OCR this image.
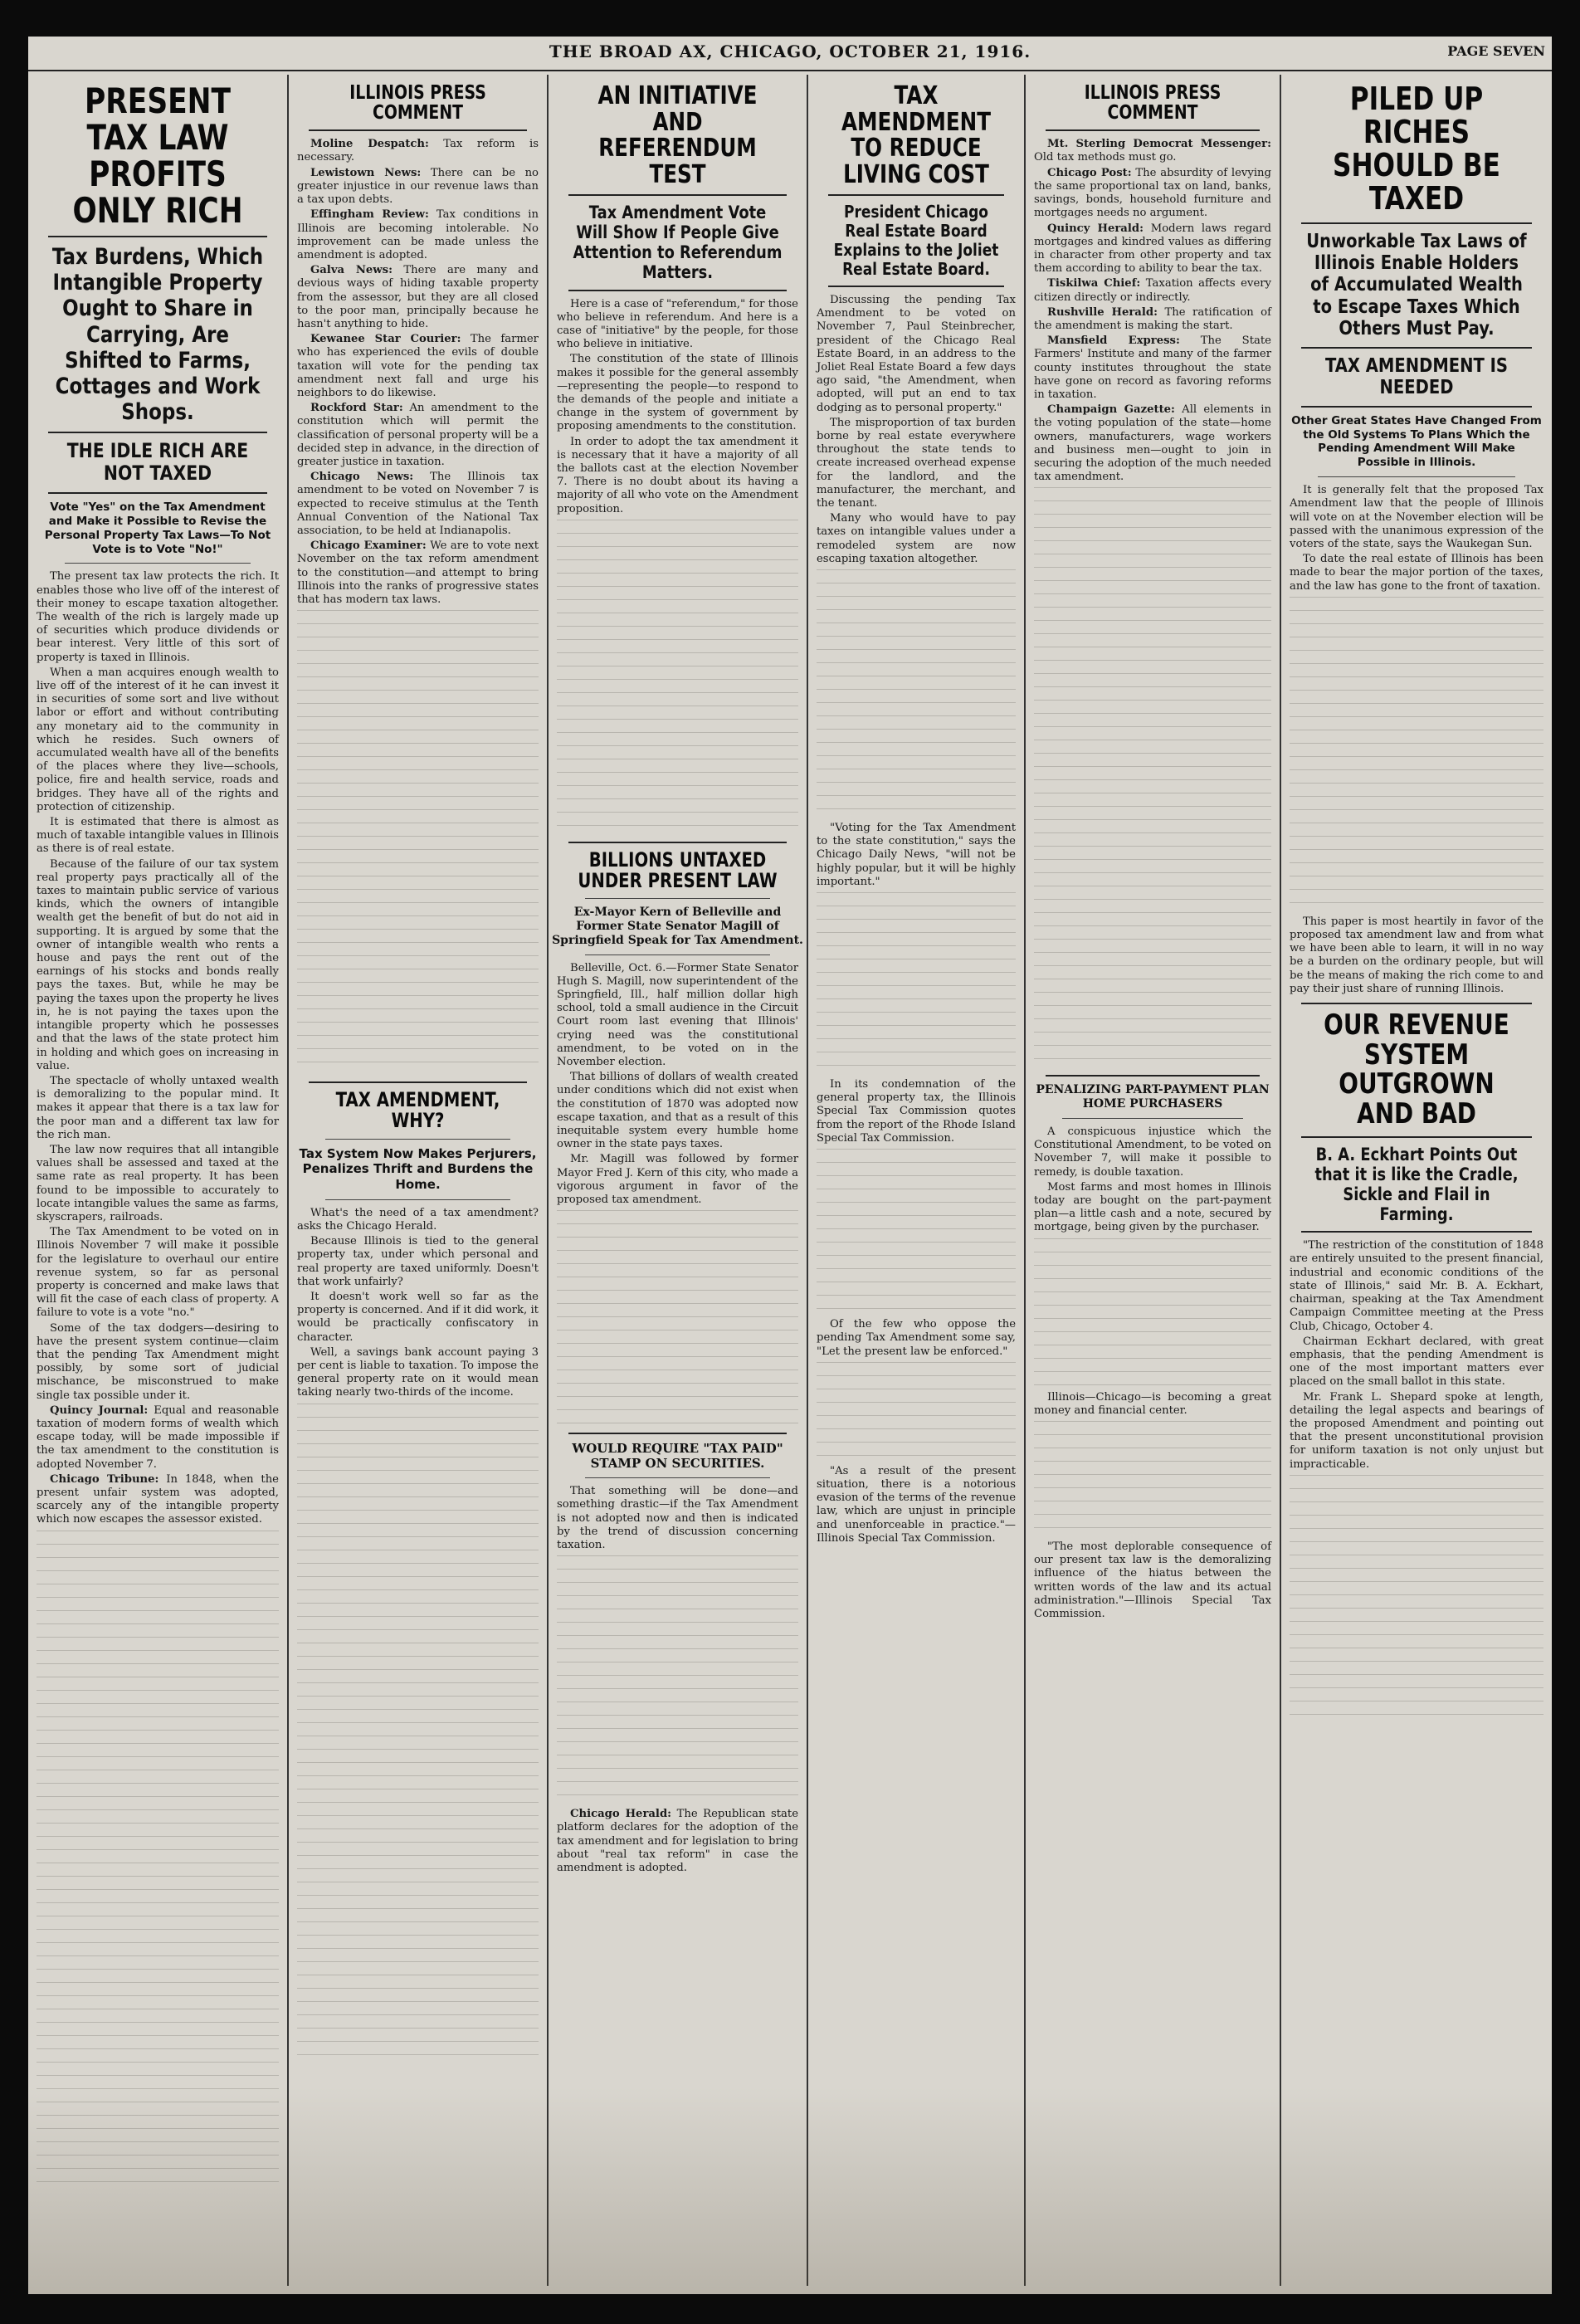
THE BROAD AX, CHICAGO, OCTOBER 21, 1916.	PAGE SEVEN
PRESENT TAX LAW PROFITS ONLY RICH
Tax Burdens, Which Intangible Property Ought to Share in Carrying, Are Shifted to Farms, Cottages and Work Shops.
THE IDLE RICH ARE NOT TAXED
Vote "Yes" on the Tax Amendment and Make it Possible to Revise the Personal Property Tax Laws—To Not Vote is to Vote "No!"

The present tax law protects the rich. It enables those who live off of the interest of their money to escape taxation altogether. The wealth of the rich is largely made up of securities which produce dividends or bear interest. Very little of this sort of property is taxed in Illinois.

When a man acquires enough wealth to live off of the interest of it he can invest it in securities of some sort and live without labor or effort and without contributing any monetary aid to the community in which he resides. Such owners of accumulated wealth have all of the benefits of the places where they live—schools, police, fire and health service, roads and bridges. They have all of the rights and protection of citizenship.

It is estimated that there is almost as much of taxable intangible values in Illinois as there is of real estate.

Because of the failure of our tax system real property pays practically all of the taxes to maintain public service of various kinds, which the owners of intangible wealth get the benefit of but do not aid in supporting. It is argued by some that the owner of intangible wealth who rents a house and pays the rent out of the earnings of his stocks and bonds really pays the taxes. But, while he may be paying the taxes upon the property he lives in, he is not paying the taxes upon the intangible property which he possesses and that the laws of the state protect him in holding and which goes on increasing in value.

The spectacle of wholly untaxed wealth is demoralizing to the popular mind. It makes it appear that there is a tax law for the poor man and a different tax law for the rich man.

The law now requires that all intangible values shall be assessed and taxed at the same rate as real property. It has been found to be impossible to accurately to locate intangible values the same as farms, skyscrapers, railroads.

The Tax Amendment to be voted on in Illinois November 7 will make it possible for the legislature to overhaul our entire revenue system, so far as personal property is concerned and make laws that will fit the case of each class of property. A failure to vote is a vote "no."

Some of the tax dodgers—desiring to have the present system continue—claim that the pending Tax Amendment might possibly, by some sort of judicial mischance, be misconstrued to make single tax possible under it.

Quincy Journal: Equal and reasonable taxation of modern forms of wealth which escape today, will be made impossible if the tax amendment to the constitution is adopted November 7.

Chicago Tribune: In 1848, when the present unfair system was adopted, scarcely any of the intangible property which now escapes the assessor existed.

ILLINOIS PRESS COMMENT

Moline Despatch: Tax reform is necessary.

Lewistown News: There can be no greater injustice in our revenue laws than a tax upon debts.

Effingham Review: Tax conditions in Illinois are becoming intolerable. No improvement can be made unless the amendment is adopted.

Galva News: There are many and devious ways of hiding taxable property from the assessor, but they are all closed to the poor man, principally because he hasn't anything to hide.

Kewanee Star Courier: The farmer who has experienced the evils of double taxation will vote for the pending tax amendment next fall and urge his neighbors to do likewise.

Rockford Star: An amendment to the constitution which will permit the classification of personal property will be a decided step in advance, in the direction of greater justice in taxation.

Chicago News: The Illinois tax amendment to be voted on November 7 is expected to receive stimulus at the Tenth Annual Convention of the National Tax association, to be held at Indianapolis.

Chicago Examiner: We are to vote next November on the tax reform amendment to the constitution—and attempt to bring Illinois into the ranks of progressive states that has modern tax laws.

TAX AMENDMENT, WHY?
Tax System Now Makes Perjurers, Penalizes Thrift and Burdens the Home.

What's the need of a tax amendment? asks the Chicago Herald.

Because Illinois is tied to the general property tax, under which personal and real property are taxed uniformly. Doesn't that work unfairly?

It doesn't work well so far as the property is concerned. And if it did work, it would be practically confiscatory in character.

Well, a savings bank account paying 3 per cent is liable to taxation. To impose the general property rate on it would mean taking nearly two-thirds of the income.

AN INITIATIVE AND REFERENDUM TEST
Tax Amendment Vote Will Show If People Give Attention to Referendum Matters.

Here is a case of "referendum," for those who believe in referendum. And here is a case of "initiative" by the people, for those who believe in initiative.

The constitution of the state of Illinois makes it possible for the general assembly—representing the people—to respond to the demands of the people and initiate a change in the system of government by proposing amendments to the constitution.

In order to adopt the tax amendment it is necessary that it have a majority of all the ballots cast at the election November 7. There is no doubt about its having a majority of all who vote on the Amendment proposition.

BILLIONS UNTAXED UNDER PRESENT LAW
Ex-Mayor Kern of Belleville and Former State Senator Magill of Springfield Speak for Tax Amendment.

Belleville, Oct. 6.—Former State Senator Hugh S. Magill, now superintendent of the Springfield, Ill., half million dollar high school, told a small audience in the Circuit Court room last evening that Illinois' crying need was the constitutional amendment, to be voted on in the November election.

That billions of dollars of wealth created under conditions which did not exist when the constitution of 1870 was adopted now escape taxation, and that as a result of this inequitable system every humble home owner in the state pays taxes.

Mr. Magill was followed by former Mayor Fred J. Kern of this city, who made a vigorous argument in favor of the proposed tax amendment.

WOULD REQUIRE "TAX PAID" STAMP ON SECURITIES.

That something will be done—and something drastic—if the Tax Amendment is not adopted now and then is indicated by the trend of discussion concerning taxation.

Chicago Herald: The Republican state platform declares for the adoption of the tax amendment and for legislation to bring about "real tax reform" in case the amendment is adopted.

TAX AMENDMENT TO REDUCE LIVING COST
President Chicago Real Estate Board Explains to the Joliet Real Estate Board.

Discussing the pending Tax Amendment to be voted on November 7, Paul Steinbrecher, president of the Chicago Real Estate Board, in an address to the Joliet Real Estate Board a few days ago said, "the Amendment, when adopted, will put an end to tax dodging as to personal property."

The misproportion of tax burden borne by real estate everywhere throughout the state tends to create increased overhead expense for the landlord, and the manufacturer, the merchant, and the tenant.

Many who would have to pay taxes on intangible values under a remodeled system are now escaping taxation altogether.

"Voting for the Tax Amendment to the state constitution," says the Chicago Daily News, "will not be highly popular, but it will be highly important."

In its condemnation of the general property tax, the Illinois Special Tax Commission quotes from the report of the Rhode Island Special Tax Commission.

Of the few who oppose the pending Tax Amendment some say, "Let the present law be enforced."

"As a result of the present situation, there is a notorious evasion of the terms of the revenue law, which are unjust in principle and unenforceable in practice."—Illinois Special Tax Commission.

ILLINOIS PRESS COMMENT

Mt. Sterling Democrat Messenger: Old tax methods must go.

Chicago Post: The absurdity of levying the same proportional tax on land, banks, savings, bonds, household furniture and mortgages needs no argument.

Quincy Herald: Modern laws regard mortgages and kindred values as differing in character from other property and tax them according to ability to bear the tax.

Tiskilwa Chief: Taxation affects every citizen directly or indirectly.

Rushville Herald: The ratification of the amendment is making the start.

Mansfield Express: The State Farmers' Institute and many of the farmer county institutes throughout the state have gone on record as favoring reforms in taxation.

Champaign Gazette: All elements in the voting population of the state—home owners, manufacturers, wage workers and business men—ought to join in securing the adoption of the much needed tax amendment.

PENALIZING PART-PAYMENT PLAN HOME PURCHASERS

A conspicuous injustice which the Constitutional Amendment, to be voted on November 7, will make it possible to remedy, is double taxation.

Most farms and most homes in Illinois today are bought on the part-payment plan—a little cash and a note, secured by mortgage, being given by the purchaser.

Illinois—Chicago—is becoming a great money and financial center.

"The most deplorable consequence of our present tax law is the demoralizing influence of the hiatus between the written words of the law and its actual administration."—Illinois Special Tax Commission.

PILED UP RICHES SHOULD BE TAXED
Unworkable Tax Laws of Illinois Enable Holders of Accumulated Wealth to Escape Taxes Which Others Must Pay.
TAX AMENDMENT IS NEEDED
Other Great States Have Changed From the Old Systems To Plans Which the Pending Amendment Will Make Possible in Illinois.

It is generally felt that the proposed Tax Amendment law that the people of Illinois will vote on at the November election will be passed with the unanimous expression of the voters of the state, says the Waukegan Sun.

To date the real estate of Illinois has been made to bear the major portion of the taxes, and the law has gone to the front of taxation.

This paper is most heartily in favor of the proposed tax amendment law and from what we have been able to learn, it will in no way be a burden on the ordinary people, but will be the means of making the rich come to and pay their just share of running Illinois.

OUR REVENUE SYSTEM OUTGROWN AND BAD
B. A. Eckhart Points Out that it is like the Cradle, Sickle and Flail in Farming.

"The restriction of the constitution of 1848 are entirely unsuited to the present financial, industrial and economic conditions of the state of Illinois," said Mr. B. A. Eckhart, chairman, speaking at the Tax Amendment Campaign Committee meeting at the Press Club, Chicago, October 4.

Chairman Eckhart declared, with great emphasis, that the pending Amendment is one of the most important matters ever placed on the small ballot in this state.

Mr. Frank L. Shepard spoke at length, detailing the legal aspects and bearings of the proposed Amendment and pointing out that the present unconstitutional provision for uniform taxation is not only unjust but impracticable.
